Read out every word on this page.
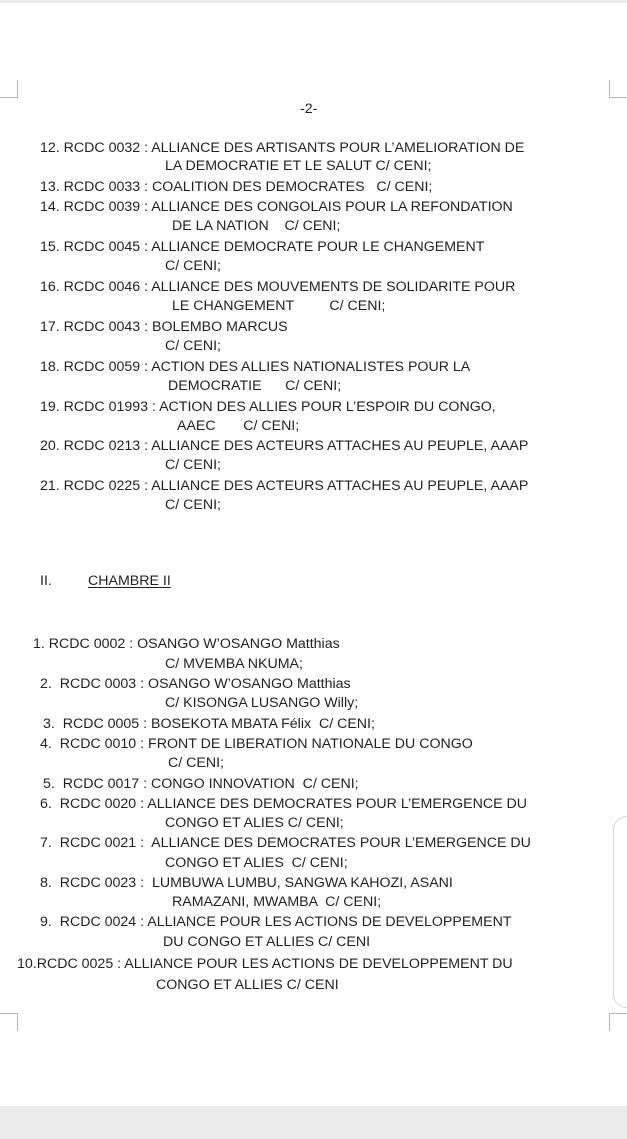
-2-

12. RCDC 0032 : ALLIANCE DES ARTISANTS POUR L’AMELIORATION DE

LA DEMOCRATIE ET LE SALUT C/ CENI;

13. RCDC 0033 : COALITION DES DEMOCRATES   C/ CENI;

14. RCDC 0039 : ALLIANCE DES CONGOLAIS POUR LA REFONDATION

DE LA NATION    C/ CENI;

15. RCDC 0045 : ALLIANCE DEMOCRATE POUR LE CHANGEMENT

C/ CENI;

16. RCDC 0046 : ALLIANCE DES MOUVEMENTS DE SOLIDARITE POUR

LE CHANGEMENT         C/ CENI;

17. RCDC 0043 : BOLEMBO MARCUS

C/ CENI;

18. RCDC 0059 : ACTION DES ALLIES NATIONALISTES POUR LA

DEMOCRATIE      C/ CENI;

19. RCDC 01993 : ACTION DES ALLIES POUR L’ESPOIR DU CONGO,

AAEC       C/ CENI;

20. RCDC 0213 : ALLIANCE DES ACTEURS ATTACHES AU PEUPLE, AAAP

C/ CENI;

21. RCDC 0225 : ALLIANCE DES ACTEURS ATTACHES AU PEUPLE, AAAP

C/ CENI;

II.	CHAMBRE II

1. RCDC 0002 : OSANGO W’OSANGO Matthias

C/ MVEMBA NKUMA;

2.  RCDC 0003 : OSANGO W’OSANGO Matthias

C/ KISONGA LUSANGO Willy;

3.  RCDC 0005 : BOSEKOTA MBATA Félix  C/ CENI;

4.  RCDC 0010 : FRONT DE LIBERATION NATIONALE DU CONGO

C/ CENI;

5.  RCDC 0017 : CONGO INNOVATION  C/ CENI;

6.  RCDC 0020 : ALLIANCE DES DEMOCRATES POUR L’EMERGENCE DU

CONGO ET ALIES C/ CENI;

7.  RCDC 0021 :  ALLIANCE DES DEMOCRATES POUR L’EMERGENCE DU

CONGO ET ALIES  C/ CENI;

8.  RCDC 0023 :  LUMBUWA LUMBU, SANGWA KAHOZI, ASANI

RAMAZANI, MWAMBA  C/ CENI;

9.  RCDC 0024 : ALLIANCE POUR LES ACTIONS DE DEVELOPPEMENT

DU CONGO ET ALLIES C/ CENI

10.RCDC 0025 : ALLIANCE POUR LES ACTIONS DE DEVELOPPEMENT DU

CONGO ET ALLIES C/ CENI
